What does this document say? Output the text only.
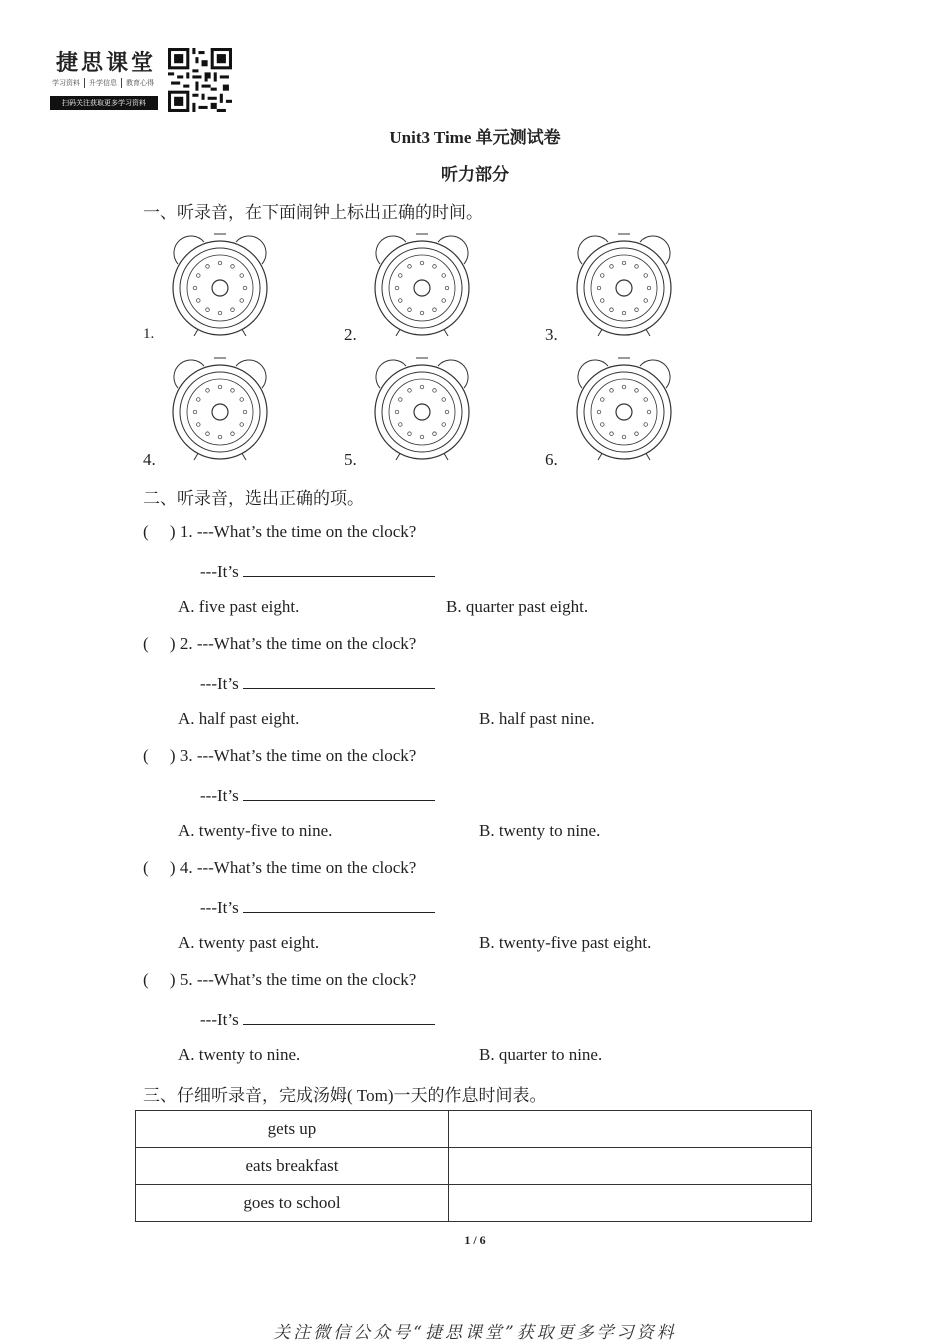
捷思课堂
学习资料	升学信息	教育心得
扫码关注获取更多学习资料
Unit3 Time 单元测试卷
听力部分
一、听录音，在下面闹钟上标出正确的时间。
1.	2.	3.
4.	5.	6.
二、听录音，选出正确的项。
(     ) 1. ---What’s the time on the clock?
---It’s
A. five past eight.	B. quarter past eight.
(     ) 2. ---What’s the time on the clock?
---It’s
A. half past eight.	B. half past nine.
(     ) 3. ---What’s the time on the clock?
---It’s
A. twenty-five to nine.	B. twenty to nine.
(     ) 4. ---What’s the time on the clock?
---It’s
A. twenty past eight.	B. twenty-five past eight.
(     ) 5. ---What’s the time on the clock?
---It’s
A. twenty to nine.	B. quarter to nine.
三、仔细听录音，完成汤姆( Tom)一天的作息时间表。
gets up	
eats breakfast	
goes to school	
1 / 6
关注微信公众号“捷思课堂”获取更多学习资料
